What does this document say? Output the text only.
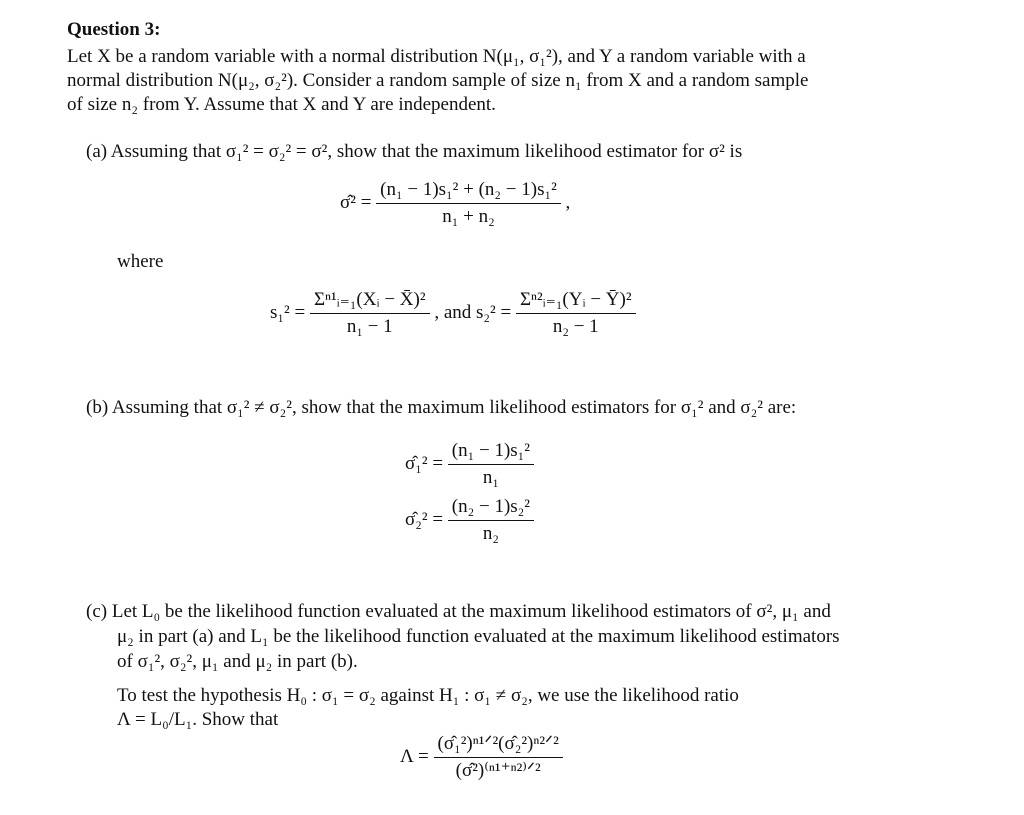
Question 3:
Let X be a random variable with a normal distribution N(μ₁, σ₁²), and Y a random variable with a
normal distribution N(μ₂, σ₂²). Consider a random sample of size n₁ from X and a random sample
of size n₂ from Y. Assume that X and Y are independent.
(a) Assuming that σ₁² = σ₂² = σ², show that the maximum likelihood estimator for σ² is
σ̂² = $\frac{\text{(n₁ − 1)s₁² + (n₂ − 1)s₁²}}{\text{n₁ + n₂}}$ ,
where
$s_1^2 = \frac{\text{Σⁿ¹ᵢ₌₁(Xᵢ − X̄)²}}{\text{n₁ − 1}}$ , and $s_2^2 = \frac{\text{Σⁿ²ᵢ₌₁(Yᵢ − Ȳ)²}}{\text{n₂ − 1}}$
(b) Assuming that σ₁² ≠ σ₂², show that the maximum likelihood estimators for σ₁² and σ₂² are:
σ̂₁² = $\frac{\text{(n₁ − 1)s₁²}}{\text{n₁}}$
σ̂₂² = $\frac{\text{(n₂ − 1)s₂²}}{\text{n₂}}$
(c) Let L₀ be the likelihood function evaluated at the maximum likelihood estimators of σ², μ₁ and
μ₂ in part (a) and L₁ be the likelihood function evaluated at the maximum likelihood estimators
of σ₁², σ₂², μ₁ and μ₂ in part (b).
To test the hypothesis H₀ : σ₁ = σ₂ against H₁ : σ₁ ≠ σ₂, we use the likelihood ratio
Λ = L₀/L₁. Show that
$\Lambda = \frac{\text{(σ̂₁²)ⁿ¹ᐟ²(σ̂₂²)ⁿ²ᐟ²}}{\text{(σ̂²)⁽ⁿ¹⁺ⁿ²⁾ᐟ²}}$
